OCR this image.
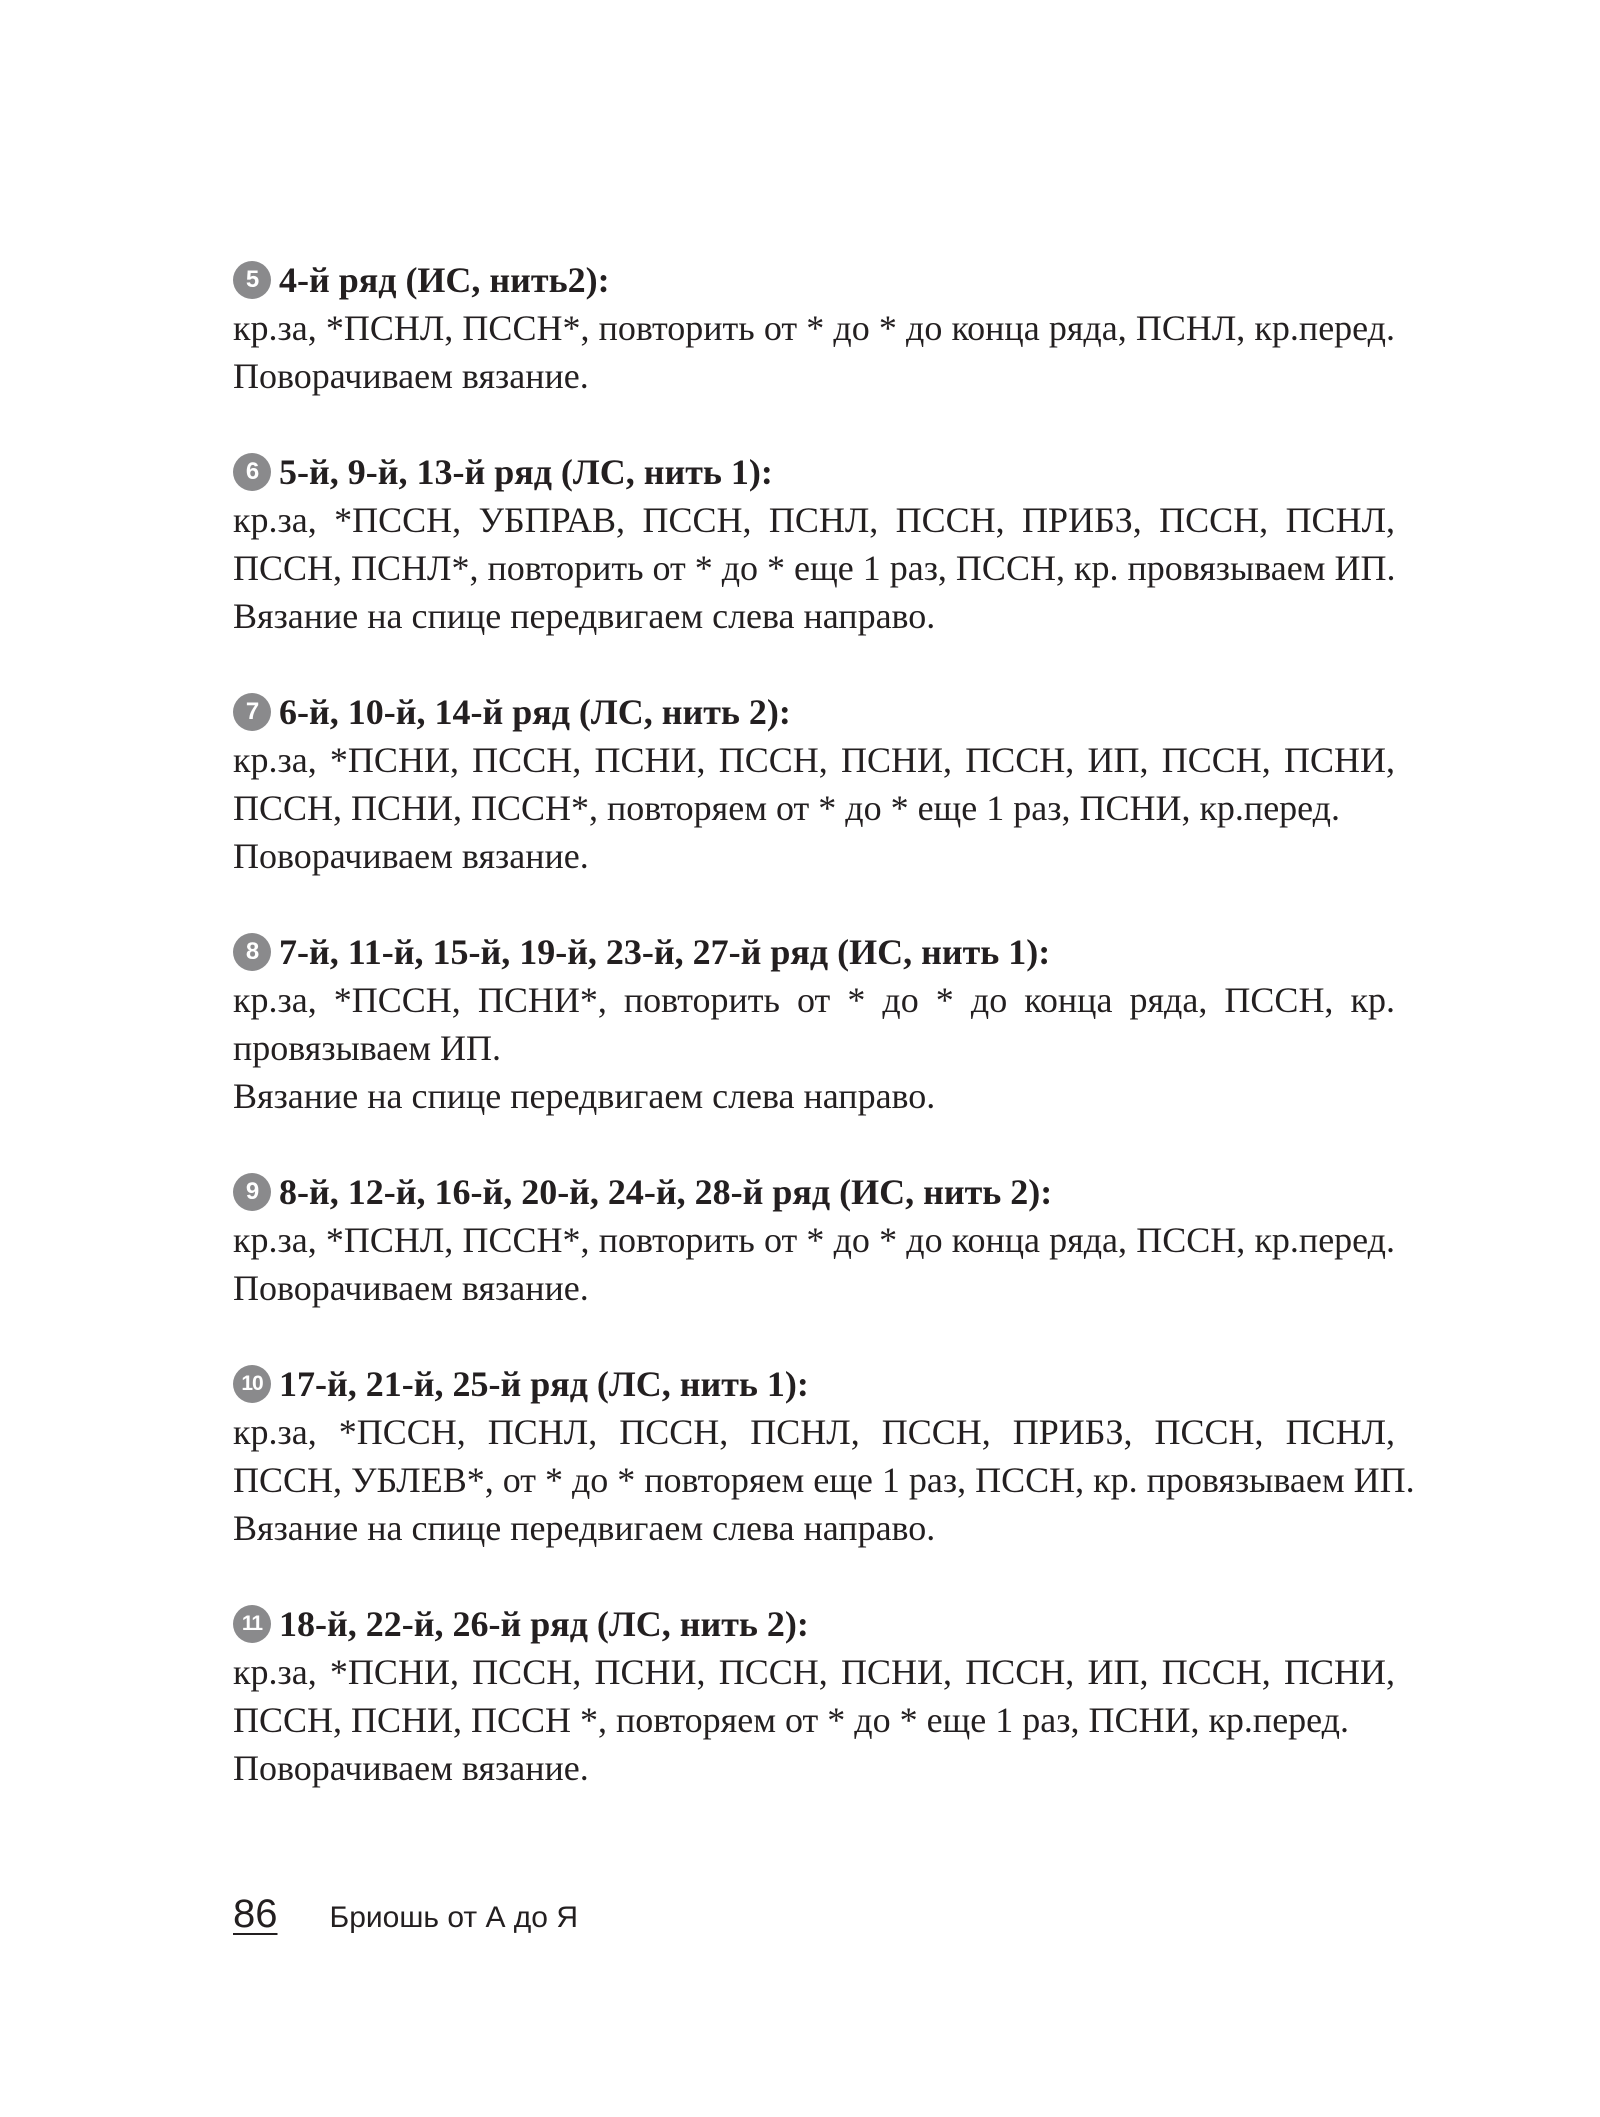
5 4-й ряд (ИС, нить2):
кр.за, *ПСНЛ, ПССН*, повторить от * до * до конца ряда, ПСНЛ, кр.перед.
Поворачиваем вязание.
6 5-й, 9-й, 13-й ряд (ЛС, нить 1):
кр.за, *ПССН, УБПРАВ, ПССН, ПСНЛ, ПССН, ПРИБЗ, ПССН, ПСНЛ,
ПССН, ПСНЛ*, повторить от * до * еще 1 раз, ПССН, кр. провязываем ИП.
Вязание на спице передвигаем слева направо.
7 6-й, 10-й, 14-й ряд (ЛС, нить 2):
кр.за, *ПСНИ, ПССН, ПСНИ, ПССН, ПСНИ, ПССН, ИП, ПССН, ПСНИ,
ПССН, ПСНИ, ПССН*, повторяем от * до * еще 1 раз, ПСНИ, кр.перед.
Поворачиваем вязание.
8 7-й, 11-й, 15-й, 19-й, 23-й, 27-й ряд (ИС, нить 1):
кр.за, *ПССН, ПСНИ*, повторить от * до * до конца ряда, ПССН, кр.
провязываем ИП.
Вязание на спице передвигаем слева направо.
9 8-й, 12-й, 16-й, 20-й, 24-й, 28-й ряд (ИС, нить 2):
кр.за, *ПСНЛ, ПССН*, повторить от * до * до конца ряда, ПССН, кр.перед.
Поворачиваем вязание.
10 17-й, 21-й, 25-й ряд (ЛС, нить 1):
кр.за, *ПССН, ПСНЛ, ПССН, ПСНЛ, ПССН, ПРИБЗ, ПССН, ПСНЛ,
ПССН, УБЛЕВ*, от * до * повторяем еще 1 раз, ПССН, кр. провязываем ИП.
Вязание на спице передвигаем слева направо.
11 18-й, 22-й, 26-й ряд (ЛС, нить 2):
кр.за, *ПСНИ, ПССН, ПСНИ, ПССН, ПСНИ, ПССН, ИП, ПССН, ПСНИ,
ПССН, ПСНИ, ПССН *, повторяем от * до * еще 1 раз, ПСНИ, кр.перед.
Поворачиваем вязание.
86 Бриошь от А до Я
